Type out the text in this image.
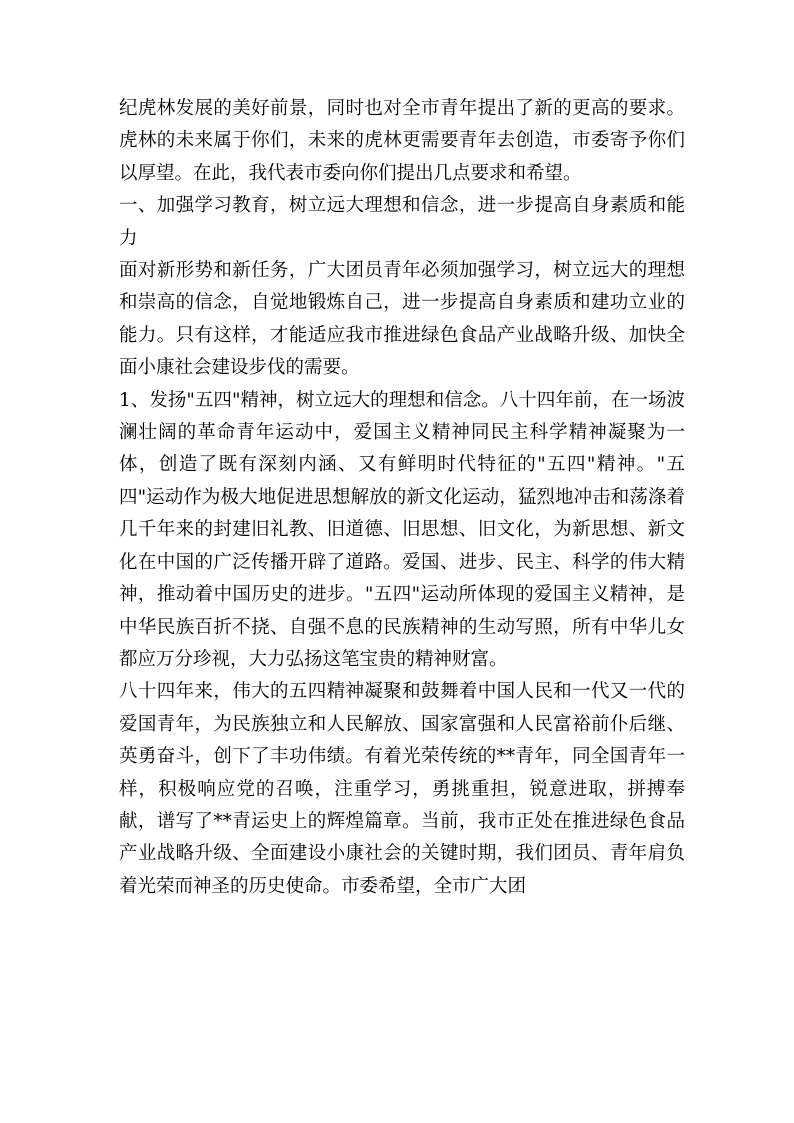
纪虎林发展的美好前景，同时也对全市青年提出了新的更高的要求。虎林的未来属于你们，未来的虎林更需要青年去创造，市委寄予你们以厚望。在此，我代表市委向你们提出几点要求和希望。

一、加强学习教育，树立远大理想和信念，进一步提高自身素质和能力

面对新形势和新任务，广大团员青年必须加强学习，树立远大的理想和崇高的信念，自觉地锻炼自己，进一步提高自身素质和建功立业的能力。只有这样，才能适应我市推进绿色食品产业战略升级、加快全面小康社会建设步伐的需要。

1、发扬"五四"精神，树立远大的理想和信念。八十四年前，在一场波澜壮阔的革命青年运动中，爱国主义精神同民主科学精神凝聚为一体，创造了既有深刻内涵、又有鲜明时代特征的"五四"精神。"五四"运动作为极大地促进思想解放的新文化运动，猛烈地冲击和荡涤着几千年来的封建旧礼教、旧道德、旧思想、旧文化，为新思想、新文化在中国的广泛传播开辟了道路。爱国、进步、民主、科学的伟大精神，推动着中国历史的进步。"五四"运动所体现的爱国主义精神，是中华民族百折不挠、自强不息的民族精神的生动写照，所有中华儿女都应万分珍视，大力弘扬这笔宝贵的精神财富。

八十四年来，伟大的五四精神凝聚和鼓舞着中国人民和一代又一代的爱国青年，为民族独立和人民解放、国家富强和人民富裕前仆后继、英勇奋斗，创下了丰功伟绩。有着光荣传统的**青年，同全国青年一样，积极响应党的召唤，注重学习，勇挑重担，锐意进取，拼搏奉献，谱写了**青运史上的辉煌篇章。当前，我市正处在推进绿色食品产业战略升级、全面建设小康社会的关键时期，我们团员、青年肩负着光荣而神圣的历史使命。市委希望，全市广大团
